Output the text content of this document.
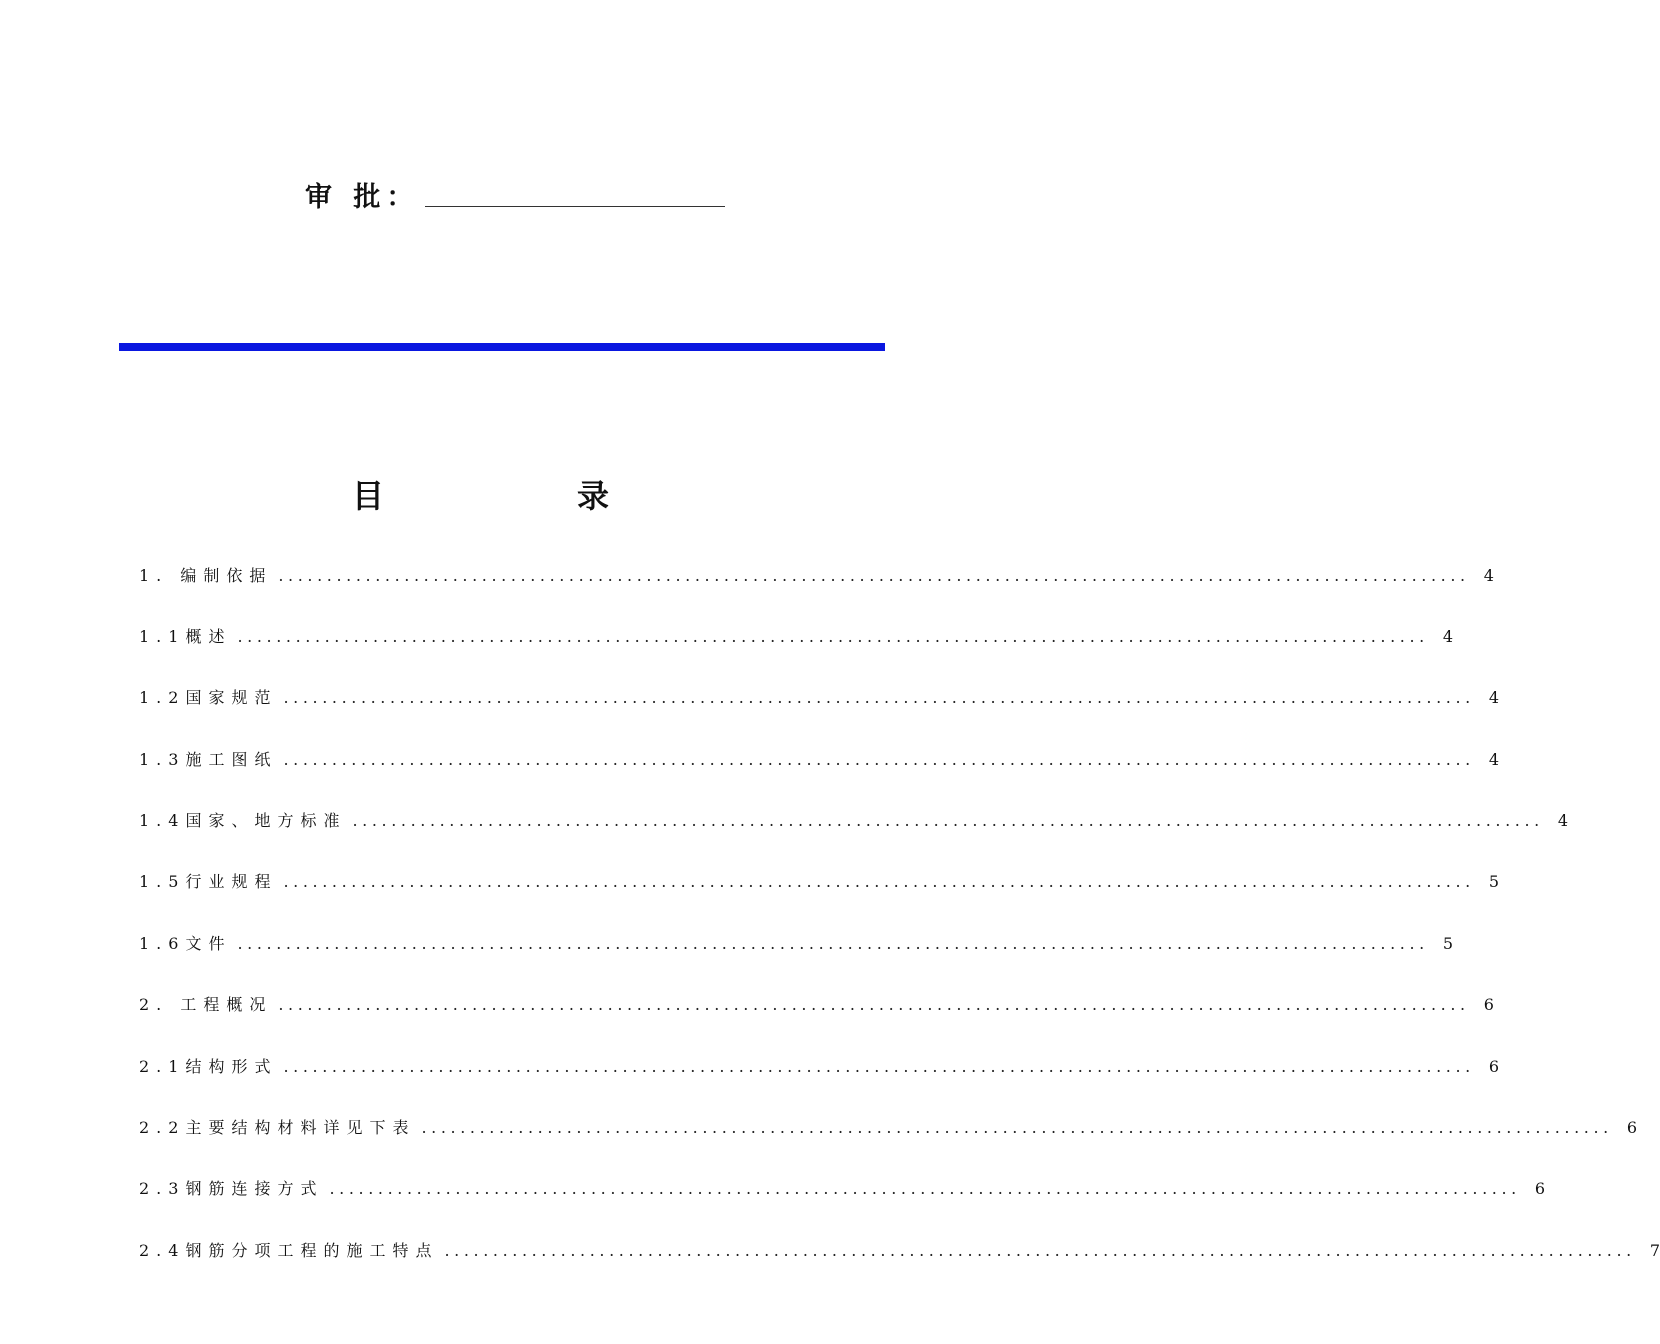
审 批：
目	录
1. 编制依据 ........................................................................................................................... 4
1.1概述 ........................................................................................................................... 4
1.2国家规范 ........................................................................................................................... 4
1.3施工图纸 ........................................................................................................................... 4
1.4国家、地方标准 ........................................................................................................................... 4
1.5行业规程 ........................................................................................................................... 5
1.6文件 ........................................................................................................................... 5
2. 工程概况 ........................................................................................................................... 6
2.1结构形式 ........................................................................................................................... 6
2.2主要结构材料详见下表 ........................................................................................................................... 6
2.3钢筋连接方式 ........................................................................................................................... 6
2.4钢筋分项工程的施工特点 ........................................................................................................................... 7
